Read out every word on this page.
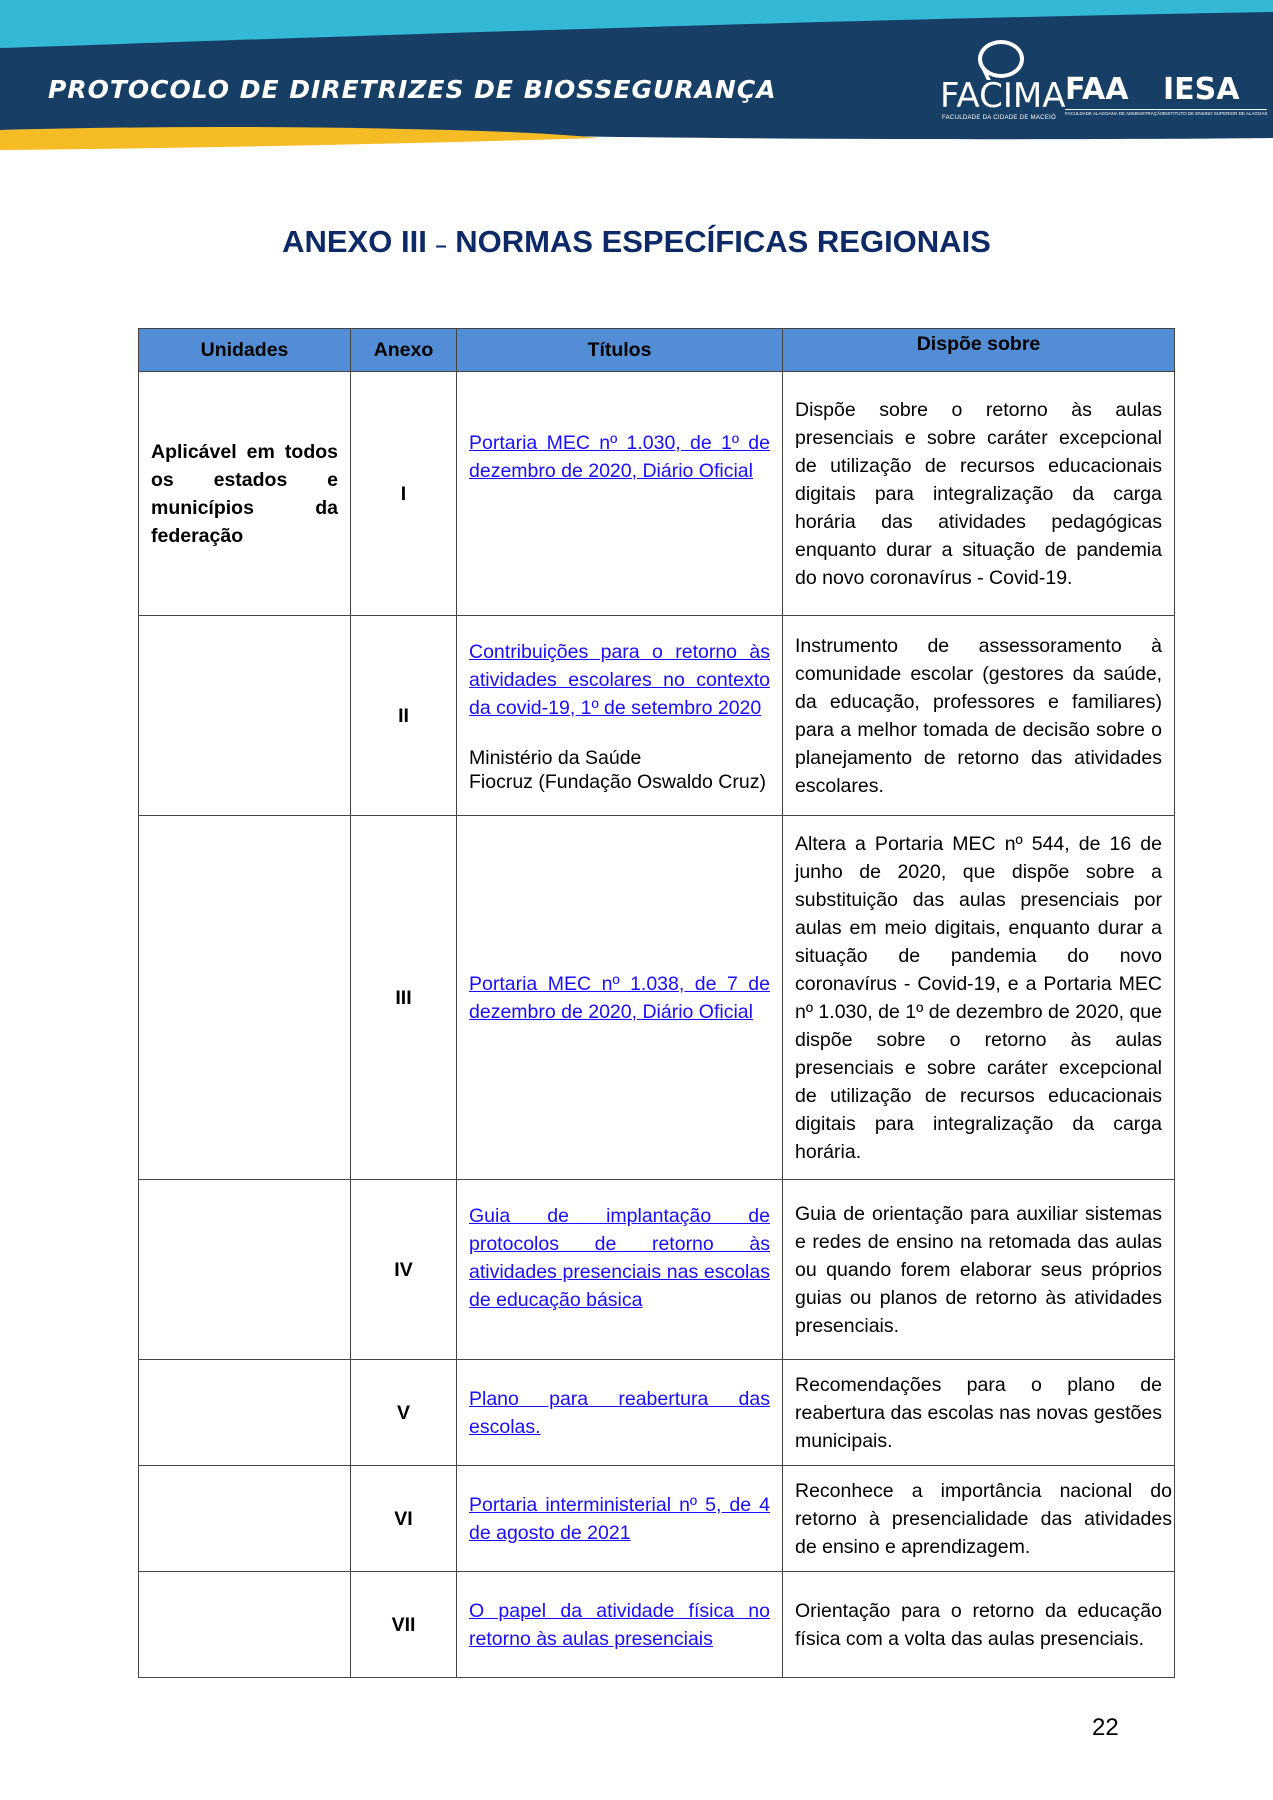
PROTOCOLO DE DIRETRIZES DE BIOSSEGURANÇA	FACIMA
FACULDADE DA CIDADE DE MACEIÓ
FAA
FACULDADE ALAGOANA DE ADMINISTRAÇÃO
IESA
INSTITUTO DE ENSINO SUPERIOR DE ALAGOAS
ANEXO III – NORMAS ESPECÍFICAS REGIONAIS
Unidades	Anexo	Títulos	Dispõe sobre
Aplicável em todos os estados e municípios da federação	I	Portaria MEC nº 1.030, de 1º de dezembro de 2020, Diário Oficial	Dispõe sobre o retorno às aulas presenciais e sobre caráter excepcional de utilização de recursos educacionais digitais para integralização da carga horária das atividades pedagógicas enquanto durar a situação de pandemia do novo coronavírus - Covid-19.
	II	Contribuições para o retorno às atividades escolares no contexto da covid-19, 1º de setembro 2020
Ministério da Saúde
Fiocruz (Fundação Oswaldo Cruz)	Instrumento de assessoramento à comunidade escolar (gestores da saúde, da educação, professores e familiares) para a melhor tomada de decisão sobre o planejamento de retorno das atividades escolares.
	III	Portaria MEC nº 1.038, de 7 de dezembro de 2020, Diário Oficial	Altera a Portaria MEC nº 544, de 16 de junho de 2020, que dispõe sobre a substituição das aulas presenciais por aulas em meio digitais, enquanto durar a situação de pandemia do novo coronavírus - Covid-19, e a Portaria MEC nº 1.030, de 1º de dezembro de 2020, que dispõe sobre o retorno às aulas presenciais e sobre caráter excepcional de utilização de recursos educacionais digitais para integralização da carga horária.
	IV	Guia de implantação de protocolos de retorno às atividades presenciais nas escolas de educação básica	Guia de orientação para auxiliar sistemas e redes de ensino na retomada das aulas ou quando forem elaborar seus próprios guias ou planos de retorno às atividades presenciais.
	V	Plano para reabertura das escolas.	Recomendações para o plano de reabertura das escolas nas novas gestões municipais.
	VI	Portaria interministerial nº 5, de 4 de agosto de 2021	Reconhece a importância nacional do retorno à presencialidade das atividades de ensino e aprendizagem.
	VII	O papel da atividade física no retorno às aulas presenciais	Orientação para o retorno da educação física com a volta das aulas presenciais.
22
